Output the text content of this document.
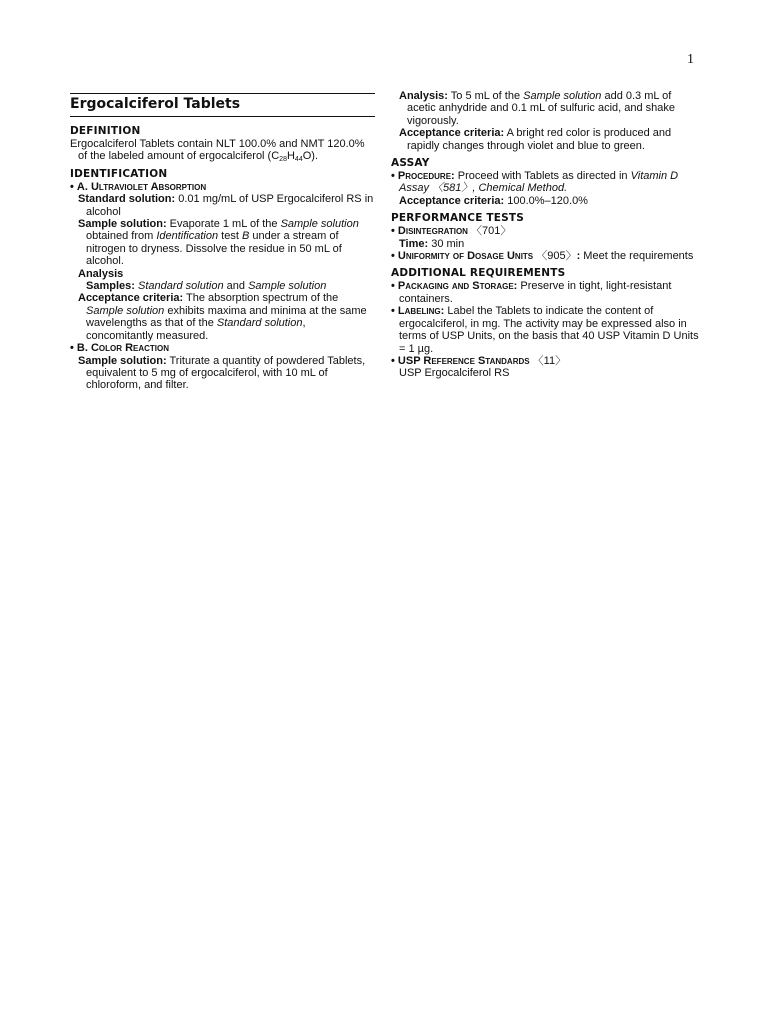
1
Ergocalciferol Tablets
DEFINITION

Ergocalciferol Tablets contain NLT 100.0% and NMT 120.0% of the labeled amount of ergocalciferol $(C_{28}H_{44}O)$.

IDENTIFICATION

• A. Ultraviolet Absorption

Standard solution: 0.01 mg/mL of USP Ergocalciferol RS in alcohol

Sample solution: Evaporate 1 mL of the Sample solution obtained from Identification test B under a stream of nitrogen to dryness. Dissolve the residue in 50 mL of alcohol.

Analysis

Samples: Standard solution and Sample solution

Acceptance criteria: The absorption spectrum of the Sample solution exhibits maxima and minima at the same wavelengths as that of the Standard solution, concomitantly measured.

• B. Color Reaction

Sample solution: Triturate a quantity of powdered Tablets, equivalent to 5 mg of ergocalciferol, with 10 mL of chloroform, and filter.

Analysis: To 5 mL of the Sample solution add 0.3 mL of acetic anhydride and 0.1 mL of sulfuric acid, and shake vigorously.

Acceptance criteria: A bright red color is produced and rapidly changes through violet and blue to green.

ASSAY

• Procedure: Proceed with Tablets as directed in Vitamin D Assay 〈581〉, Chemical Method.

Acceptance criteria: 100.0%–120.0%

PERFORMANCE TESTS

• Disintegration 〈701〉

Time: 30 min

• Uniformity of Dosage Units 〈905〉: Meet the requirements

ADDITIONAL REQUIREMENTS

• Packaging and Storage: Preserve in tight, light-resistant containers.

• Labeling: Label the Tablets to indicate the content of ergocalciferol, in mg. The activity may be expressed also in terms of USP Units, on the basis that 40 USP Vitamin D Units = 1 µg.

• USP Reference Standards 〈11〉

USP Ergocalciferol RS
